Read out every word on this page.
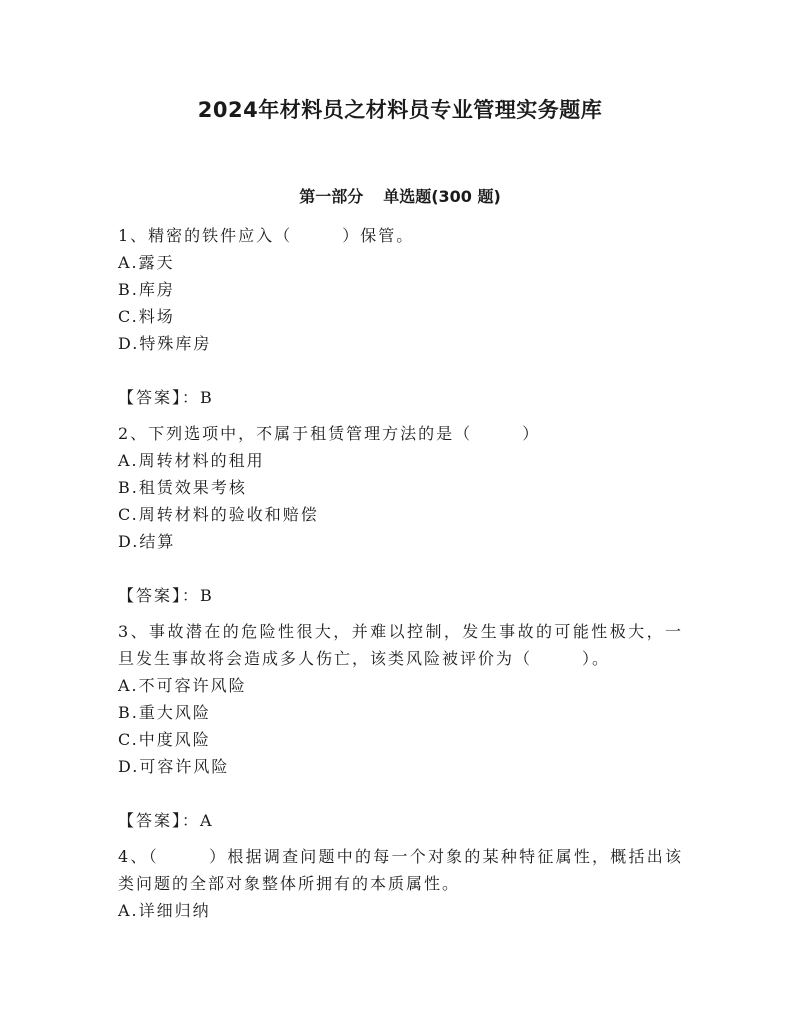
2024年材料员之材料员专业管理实务题库
第一部分 单选题(300 题)

1、精密的铁件应入（	）保管。

A.露天

B.库房

C.料场

D.特殊库房

【答案】：B

2、下列选项中，不属于租赁管理方法的是（	）

A.周转材料的租用

B.租赁效果考核

C.周转材料的验收和赔偿

D.结算

【答案】：B

3、事故潜在的危险性很大，并难以控制，发生事故的可能性极大，一旦发生事故将会造成多人伤亡，该类风险被评价为（	）。

A.不可容许风险

B.重大风险

C.中度风险

D.可容许风险

【答案】：A

4、（	）根据调查问题中的每一个对象的某种特征属性，概括出该类问题的全部对象整体所拥有的本质属性。

A.详细归纳
